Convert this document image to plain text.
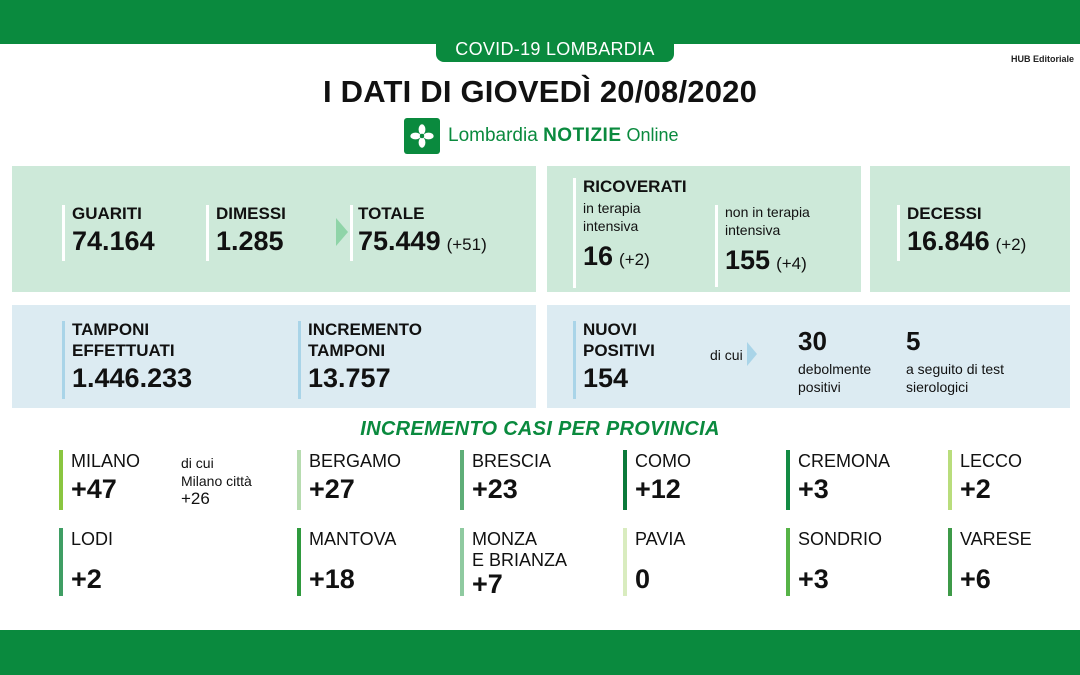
COVID-19 LOMBARDIA	HUB Editoriale
I DATI DI GIOVEDÌ 20/08/2020
Lombardia NOTIZIE Online
GUARITI
74.164
DIMESSI
1.285
TOTALE
75.449 (+51)
RICOVERATI
in terapia
intensiva
16 (+2)
non in terapia
intensiva
155 (+4)
DECESSI
16.846 (+2)
TAMPONI
EFFETTUATI
1.446.233
INCREMENTO
TAMPONI
13.757
NUOVI
POSITIVI
154
di cui 30
debolmente
positivi
5
a seguito di test
sierologici
INCREMENTO CASI PER PROVINCIA
MILANO
+47
di cui
Milano città
+26
BERGAMO
+27
BRESCIA
+23
COMO
+12
CREMONA
+3
LECCO
+2
LODI
+2
MANTOVA
+18
MONZA
E BRIANZA
+7
PAVIA
0
SONDRIO
+3
VARESE
+6
